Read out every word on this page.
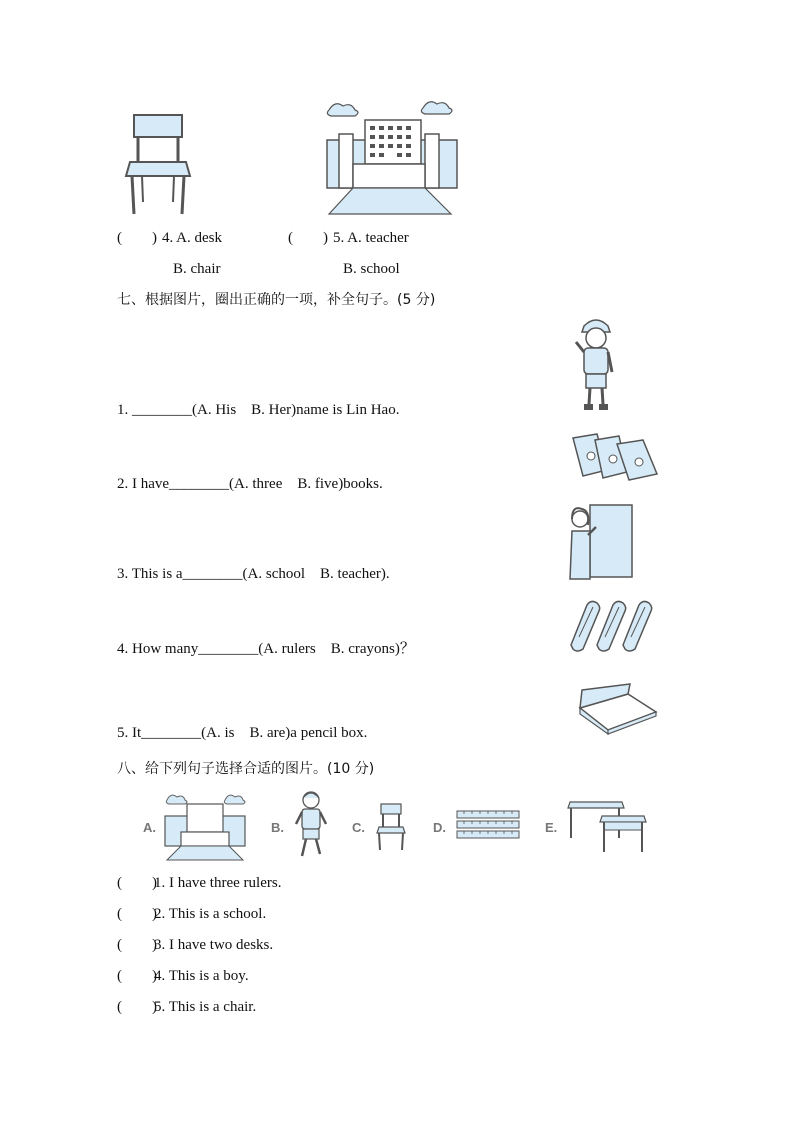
(        ) 4. A. desk
B. chair
(        ) 5. A. teacher
B. school
七、根据图片，圈出正确的一项，补全句子。(5 分)
1. ________(A. His    B. Her)name is Lin Hao.
2. I have________(A. three    B. five)books.
3. This is a________(A. school    B. teacher).
4. How many________(A. rulers    B. crayons)？
5. It________(A. is    B. are)a pencil box.
八、给下列句子选择合适的图片。(10 分)
A.	B.	C.	D.	E.
(        )
1. I have three rulers.
(        )
2. This is a school.
(        )
3. I have two desks.
(        )
4. This is a boy.
(        )
5. This is a chair.
